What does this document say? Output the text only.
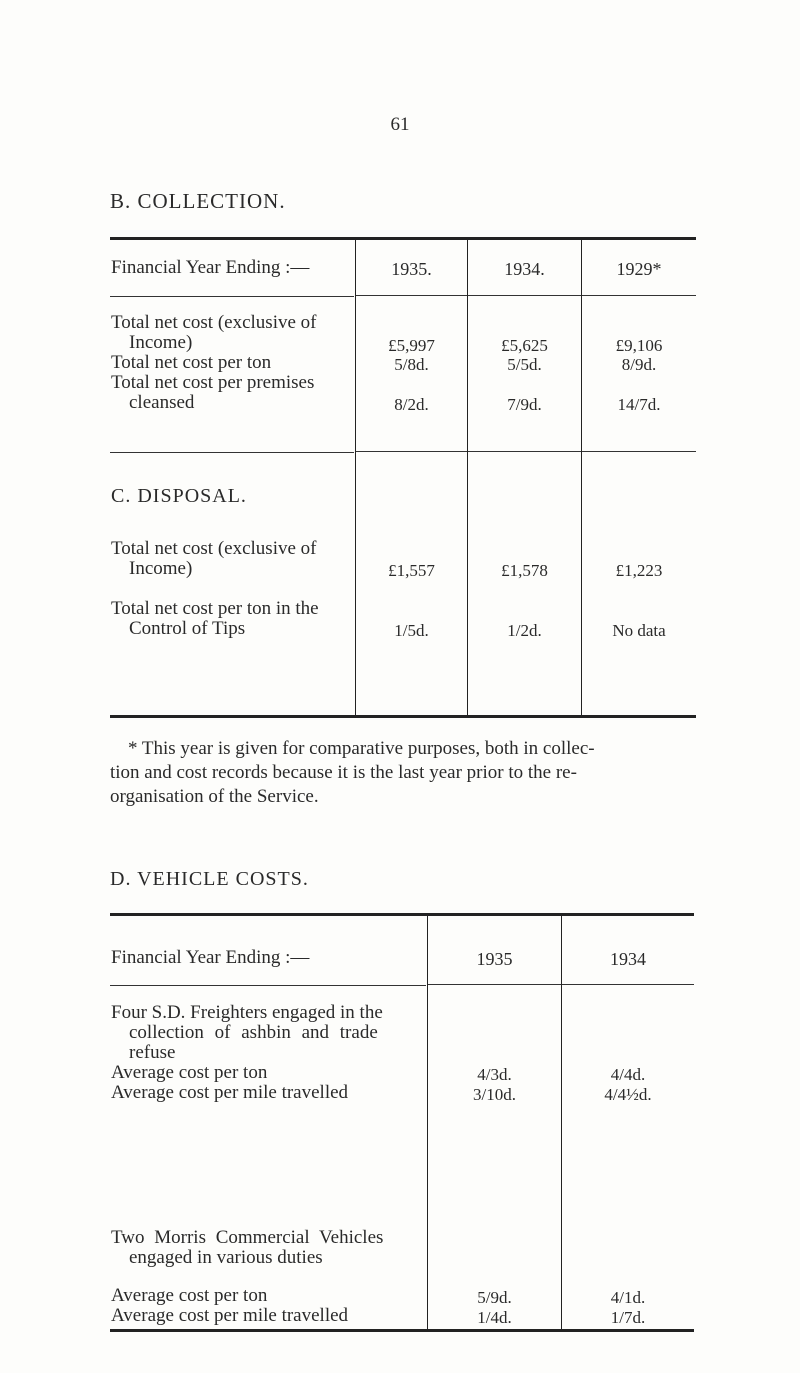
61
B. COLLECTION.
Financial Year Ending :—	1935.	1934.	1929*
Total net cost (exclusive of
Income)	£5,997	£5,625	£9,106
Total net cost per ton	5/8d.	5/5d.	8/9d.
Total net cost per premises
cleansed	8/2d.	7/9d.	14/7d.
C. DISPOSAL.
Total net cost (exclusive of
Income)	£1,557	£1,578	£1,223
Total net cost per ton in the
Control of Tips	1/5d.	1/2d.	No data
* This year is given for comparative purposes, both in collec-
tion and cost records because it is the last year prior to the re-
organisation of the Service.
D. VEHICLE COSTS.
Financial Year Ending :—	1935	1934
Four S.D. Freighters engaged in the
collection of ashbin and trade
refuse
Average cost per ton	4/3d.	4/4d.
Average cost per mile travelled	3/10d.	4/4½d.
Two Morris Commercial Vehicles
engaged in various duties
Average cost per ton	5/9d.	4/1d.
Average cost per mile travelled	1/4d.	1/7d.
